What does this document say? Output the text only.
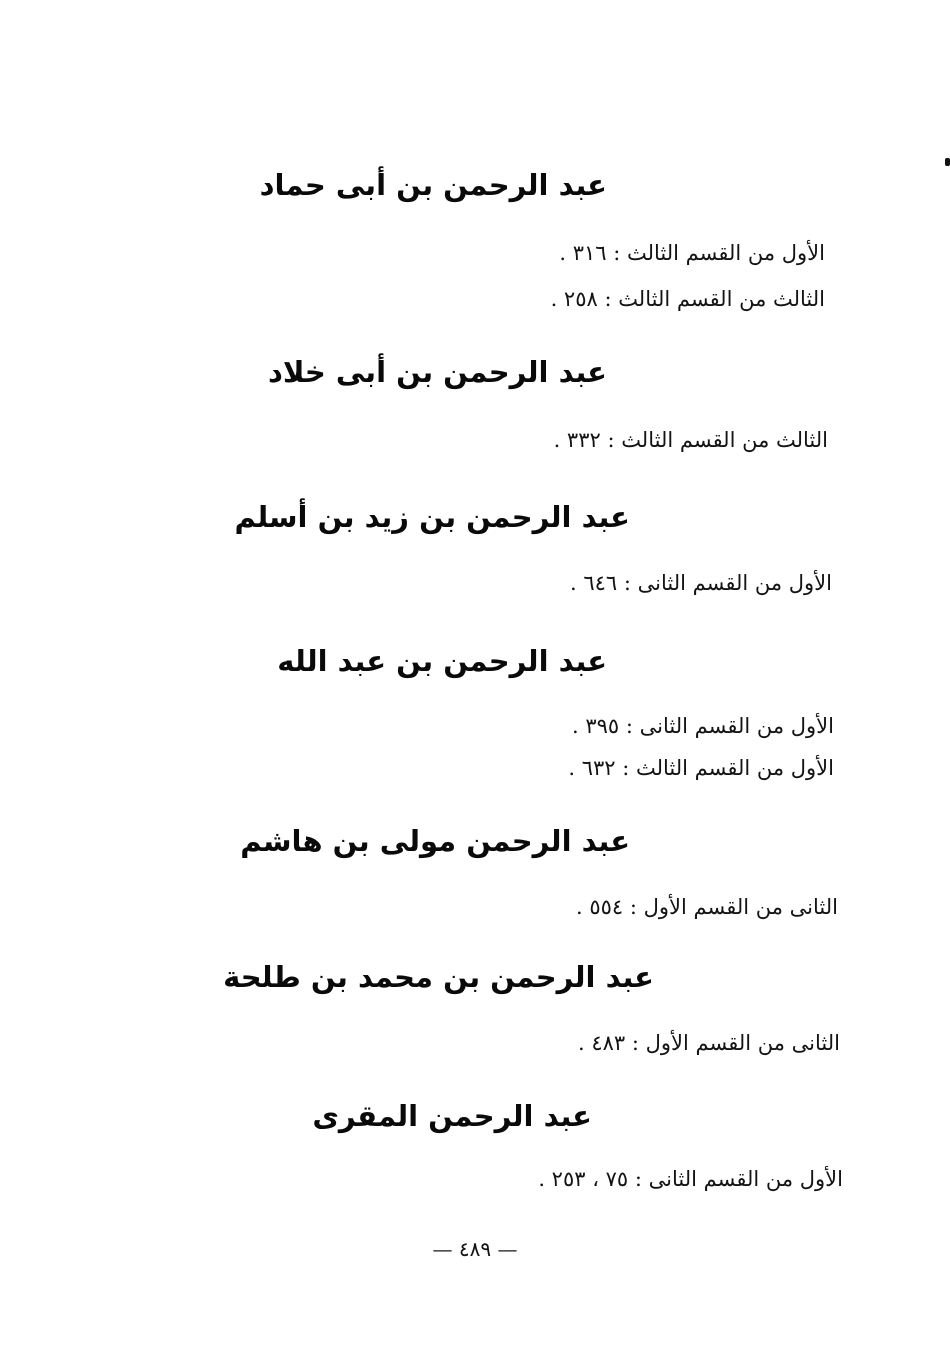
عبد الرحمن بن أبى حماد
الأول من القسم الثالث : ٣١٦ .
الثالث من القسم الثالث : ٢٥٨ .
عبد الرحمن بن أبى خلاد
الثالث من القسم الثالث : ٣٣٢ .
عبد الرحمن بن زيد بن أسلم
الأول من القسم الثانى : ٦٤٦ .
عبد الرحمن بن عبد الله
الأول من القسم الثانى : ٣٩٥ .
الأول من القسم الثالث : ٦٣٢ .
عبد الرحمن مولى بن هاشم
الثانى من القسم الأول : ٥٥٤ .
عبد الرحمن بن محمد بن طلحة
الثانى من القسم الأول : ٤٨٣ .
عبد الرحمن المقرى
الأول من القسم الثانى : ٧٥ ، ٢٥٣ .
— ٤٨٩ —
